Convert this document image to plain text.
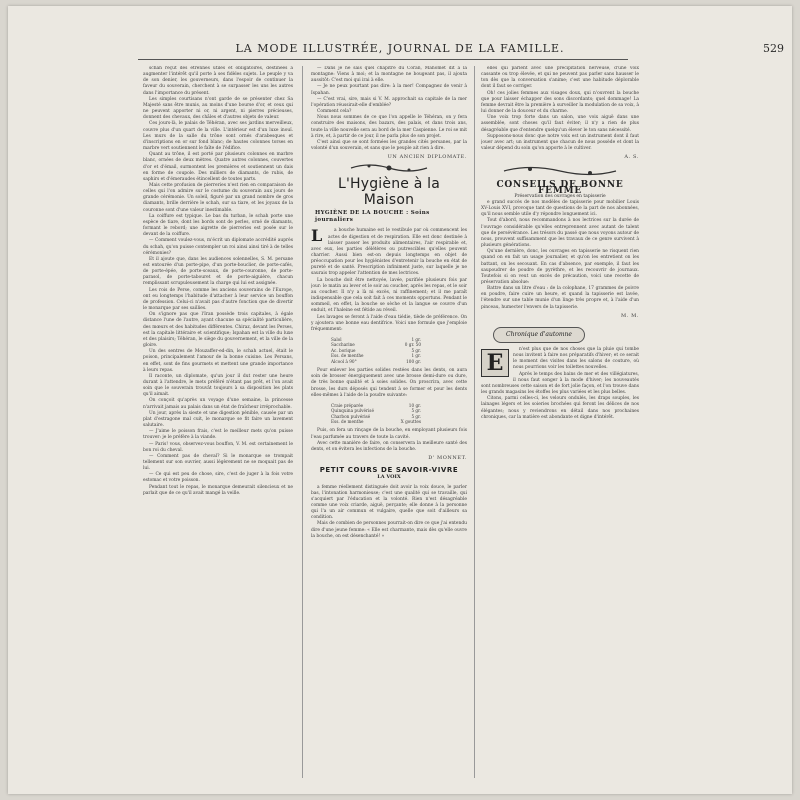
LA MODE ILLUSTRÉE, JOURNAL DE LA FAMILLE.	529

schah reçut des étrennes utiles et obligatoires, destinées à augmenter l'intérêt qu'il porte à ses fidèles sujets. Le peuple y va de son denier, les gouverneurs, dans l'espoir de continuer la faveur du souverain, cherchent à se surpasser les uns les autres dans l'importance du présent.

Les simples courtisans n'ont garde de se présenter chez Sa Majesté sans être munis, au moins d'une bourse d'or, et ceux qui ne peuvent apporter ni or, ni argent, ni pierres précieuses, donnent des chevaux, des châles et d'autres objets de valeur.

Ces jours-là, le palais de Téhéran, avec ses jardins merveilleux, couvre plus d'un quart de la ville. L'intérieur est d'un luxe inouï. Les murs de la salle du trône sont ornés d'arabesques et d'inscriptions en or sur fond blanc; de hautes colonnes torses en marbre vert soutiennent le faîte de l'édifice.

Quant au trône, il est porté par plusieurs colonnes en marbre blanc, ornées de deux mètres. Quatre autres colonnes, couvertes d'or et d'émail, surmontent les premières et soutiennent un dais en forme de coupole. Des milliers de diamants, de rubis, de saphirs et d'émeraudes étincellent de toutes parts.

Mais cette profusion de pierreries n'est rien en comparaison de celles qui l'on admire sur le costume du souverain aux jours de grande cérémonie. Un soleil, figuré par un grand nombre de gros diamants, brille derrière le schah, sur sa tiare, et les joyaux de la couronne sont d'une valeur inestimable.

La coiffure est typique. Le bas du turban, le schah porte une espèce de tiare, dont les bords sont de perles, orné de diamants, formant le rebord; une aigrette de pierreries est posée sur le devant de la coiffure.

— Comment voulez-vous, m'écrit un diplomate accrédité auprès du schah, qu'on puisse contempler un roi ainsi ainsi tiré à de telles cérémonies?

Et il ajoute que, dans les audiences solennelles, S. M. persane est entourée d'un porte-pipe, d'un porte-bouclier, de porte-cafés, de porte-épée, de porte-sceaux, de porte-couronne, de porte-parasol, de porte-tabouret et de porte-aiguière, chacun remplissant scrupuleusement la charge qui lui est assignée.

Les rois de Perse, comme les anciens souverains de l'Europe, ont eu longtemps l'habitude d'attacher à leur service un bouffon de profession. Celui-ci n'avait pas d'autre fonction que de divertir le monarque par ses saillies.

On s'ignore pas que l'Iran possède trois capitales, à égale distance l'une de l'autre, ayant chacune sa spécialité particulière, des mœurs et des habitudes différentes. Chiraz, devant les Perses, est la capitale littéraire et scientifique; Ispahan est la ville du luxe et des plaisirs; Téhéran, le siège du gouvernement, et la ville de la gloire.

Un des sentres de Mouzaffer-ed-din, le schah actuel, était le poison, principalement l'amour de la bonne cuisine. Les Persans, en effet, sont de fins gourmets et mettent une grande importance à leurs repas.

Il raconte, un diplomate, qu'un jour il dut rester une heure durant à l'attendre, le mets préféré n'étant pas prêt, et l'on avait soin que le souverain trouvât toujours à sa disposition les plats qu'il aimait.

On conçoit qu'après un voyage d'une semaine, la princesse n'arrivait jamais au palais dans un état de fraîcheur irréprochable.

Un jour, après la sieste et une digestion pénible, causée par un plat d'estragone mal cuit, le monarque se fit faire un lavement salutaire.

— J'aime le poisson frais, c'est le meilleur mets qu'on puisse trouver: je le préfère à la viande.

— Paris! vous, observez-vous bouffon, V. M. est certainement le bon roi du cheval.

— Comment pas de cheval? Si le monarque se trompait tellement sur son ouvrier, aussi légèrement ne se moquait pas de lui.

— Ce qui est peu de chose, sire, c'est de juger à la fois votre estomac et votre poisson.

Pendant tout le repas, le monarque demeurait silencieux et ne parlait que de ce qu'il avait mangé la veille.

— Dans je ne sais quel chapitre du Coran, Mahomet dit à la montagne: Viens à moi; et la montagne ne bougeant pas, il ajouta aussitôt: C'est moi qui irai à elle.

— Je ne peux pourtant pas dire: à la mer! Compagnez de venir à Ispahan.

— C'est vrai, sire, mais si V. M. approchait sa capitale de la mer l'opération réussirait-elle d'emblée?

Comment cela?

Nous nous sommes de ce que l'on appelle le Téhéran, on y fera construire des maisons, des bazars, des palais, et dans trois ans, toute la ville nouvelle sera au bord de la mer Caspienne. Le roi se mit à rire, et, à partir de ce jour, il ne parla plus de son projet.

C'est ainsi que se sont formées les grandes cités persanes, par la volonté d'un souverain, et sans que le peuple ait rien à dire.

UN ANCIEN DIPLOMATE.
L'Hygiène à la Maison
HYGIÈNE DE LA BOUCHE : Soins journaliers
L	a bouche humaine est le vestibule par où commencent les actes de digestion et de respiration. Elle est donc destinée à laisser passer les produits alimentaires, l'air respirable et, avec eux, les parties délétères ou putrescibles qu'elles peuvent charrier. Aussi bien est-on depuis longtemps en objet de préoccupation pour les hygiénistes d'entretenir la bouche en état de pureté et de santé. Prescription infiniment juste, sur laquelle je ne saurais trop appeler l'attention de mes lectrices.

La bouche doit être nettoyée, lavée, purifiée plusieurs fois par jour: le matin au lever et le soir au coucher, après les repas, et le soir au coucher. Il n'y a là ni excès, ni raffinement; et il me paraît indispensable que cela soit fait à ces moments opportuns. Pendant le sommeil, en effet, la bouche se sèche et la langue se couvre d'un enduit, et l'haleine est fétide au réveil.

Les lavages se feront à l'aide d'eau tiédie, tiède de préférence. On y ajoutera une bonne eau dentifrice. Voici une formule que j'emploie fréquemment:

Salol	1 gr.
Saccharine	0 gr. 50
Ac. borique	5 gr.
Ess. de menthe	1 gr.
Alcool à 90°	100 gr.

Pour enlever les parties solides restées dans les dents, on aura soin de brosser énergiquement avec une brosse demi-dure ou dure, de très bonne qualité et à soies solides. On proscrira, avec cette brosse, les durs déposés qui tendent à se former et pour les dents elles-mêmes à l'aide de la poudre suivante:

Craie préparée	10 gr.
Quinquina pulvérisé	5 gr.
Charbon pulvérisé	5 gr.
Ess. de menthe	X gouttes

Puis, on fera un rinçage de la bouche, en employant plusieurs fois l'eau parfumée au travers de toute la cavité.

Avec cette manière de faire, on conservera la meilleure santé des dents, et on évitera les infections de la bouche.

D' MONNET.
PETIT COURS DE SAVOIR-VIVRE
LA VOIX

a femme réellement distinguée doit avoir la voix douce, le parler bas, l'intonation harmonieuse; c'est une qualité qui se travaille, qui s'acquiert par l'éducation et la volonté. Rien n'est désagréable comme une voix criarde, aiguë, perçante; elle donne à la personne qui l'a un air commun et vulgaire, quelle que soit d'ailleurs sa condition.

Mais de combien de personnes pourrait-on dire ce que j'ai entendu dire d'une jeune femme: « Elle est charmante, mais dès qu'elle ouvre la bouche, on est désenchanté! »

elles qui parlent avec une précipitation nerveuse, d'une voix cassante ou trop élevée, et qui ne peuvent pas parler sans hausser le ton dès que la conversation s'anime; c'est une habitude déplorable dont il faut se corriger.

Oh! ces jolies femmes aux visages doux, qui n'ouvrent la bouche que pour laisser échapper des sons discordants; quel dommage! La femme devrait être la première à surveiller la modulation de sa voix, à lui donner de la douceur et du charme.

Une voix trop forte dans un salon, une voix aiguë dans une assemblée, sont choses qu'il faut éviter; il n'y a rien de plus désagréable que d'entendre quelqu'un élever le ton sans nécessité.

Supposons-nous donc que notre voix est un instrument dont il faut jouer avec art; un instrument que chacun de nous possède et dont la valeur dépend du soin qu'on apporte à le cultiver.

A. S.
CONSEILS DE BONNE FEMME
Préservation des ouvrages en tapisserie

e grand succès de nos modèles de tapisserie pour mobilier Louis XV-Louis XVI, provoque tant de questions de la part de nos abonnées, qu'il nous semble utile d'y répondre longuement ici.

Tout d'abord, nous recommandons à nos lectrices sur la durée de l'ouvrage considérable qu'elles entreprennent avec autant de talent que de persévérance. Les trésors du passé que nous voyons autour de nous, prouvent suffisamment que les travaux de ce genre survivent à plusieurs générations.

Qu'une dernière, donc, les ouvrages en tapisserie ne risquent rien quand on en fait un usage journalier, et qu'on les entretient on les battant, on les secouant. En cas d'absence, par exemple, il faut les saupoudrer de poudre de pyrèthre, et les recouvrir de journaux. Toutefois si on veut un excès de précaution, voici une recette de préservation absolue:

Battre dans un litre d'eau : de la colophane, 17 grammes de poivre en poudre, faire cuire un heure, et quand la tapisserie est lavée, l'étendre sur une table munie d'un linge très propre et, à l'aide d'un pinceau, humecter l'envers de la tapisserie.

M. M.
Chronique d'automne
E

n'est plus que de nos choses que la pluie qui tombe nous invitent à faire nos préparatifs d'hiver; et ce serait le moment des visites dans les salons de couture, où nous pourrions voir les toilettes nouvelles.

Après le temps des bains de mer et des villégiatures, il nous faut songer à la mode d'hiver; les nouveautés sont nombreuses cette saison et de fort jolie façon, et l'on trouve dans les grands magasins les étoffes les plus variées et les plus belles.

Citons, parmi celles-ci, les velours ondulés, les draps souples, les lainages légers et les soieries brochées qui feront les délices de nos élégantes; nous y reviendrons en détail dans nos prochaines chroniques, car la matière est abondante et digne d'intérêt.
